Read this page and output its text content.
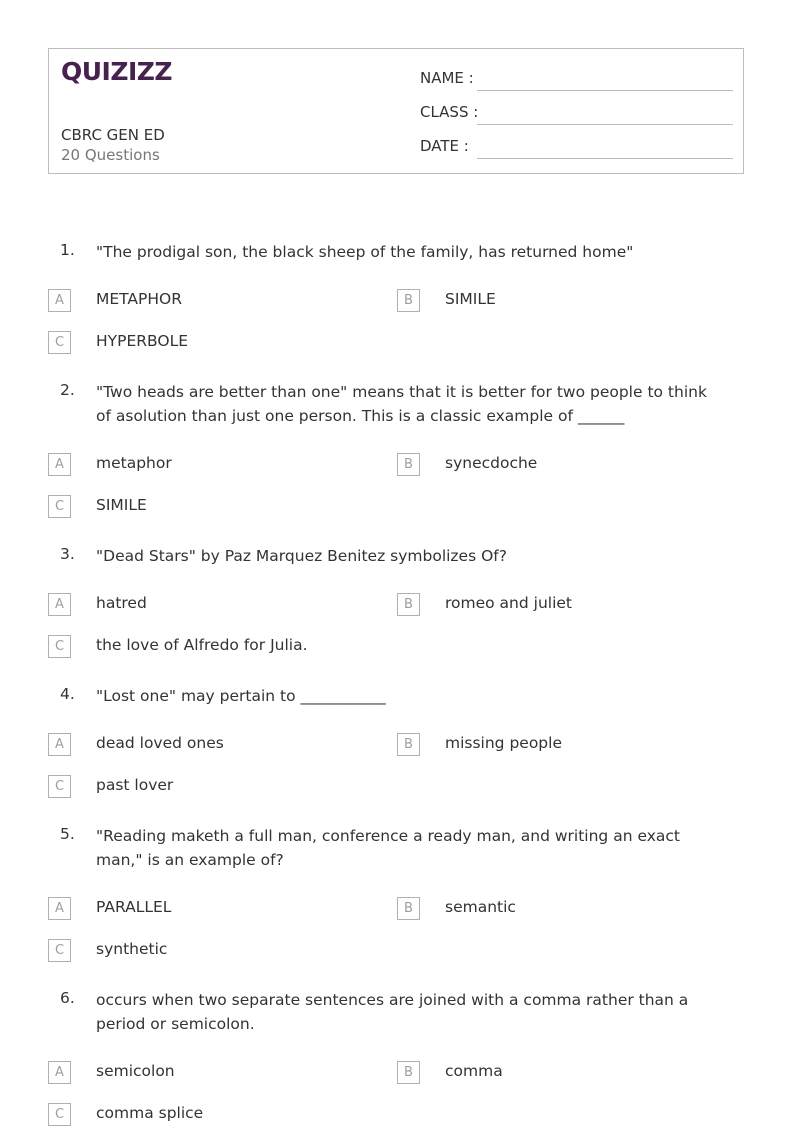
QUIZIZZ
CBRC GEN ED
20 Questions
NAME :
CLASS :
DATE :
1. "The prodigal son, the black sheep of the family, has returned home"
A	METAPHOR	B	SIMILE
C	HYPERBOLE
2. "Two heads are better than one" means that it is better for two people to think of asolution than just one person. This is a classic example of ______
A	metaphor	B	synecdoche
C	SIMILE
3. "Dead Stars" by Paz Marquez Benitez symbolizes Of?
A	hatred	B	romeo and juliet
C	the love of Alfredo for Julia.
4. "Lost one" may pertain to ___________
A	dead loved ones	B	missing people
C	past lover
5. "Reading maketh a full man, conference a ready man, and writing an exact man," is an example of?
A	PARALLEL	B	semantic
C	synthetic
6. occurs when two separate sentences are joined with a comma rather than a period or semicolon.
A	semicolon	B	comma
C	comma splice
